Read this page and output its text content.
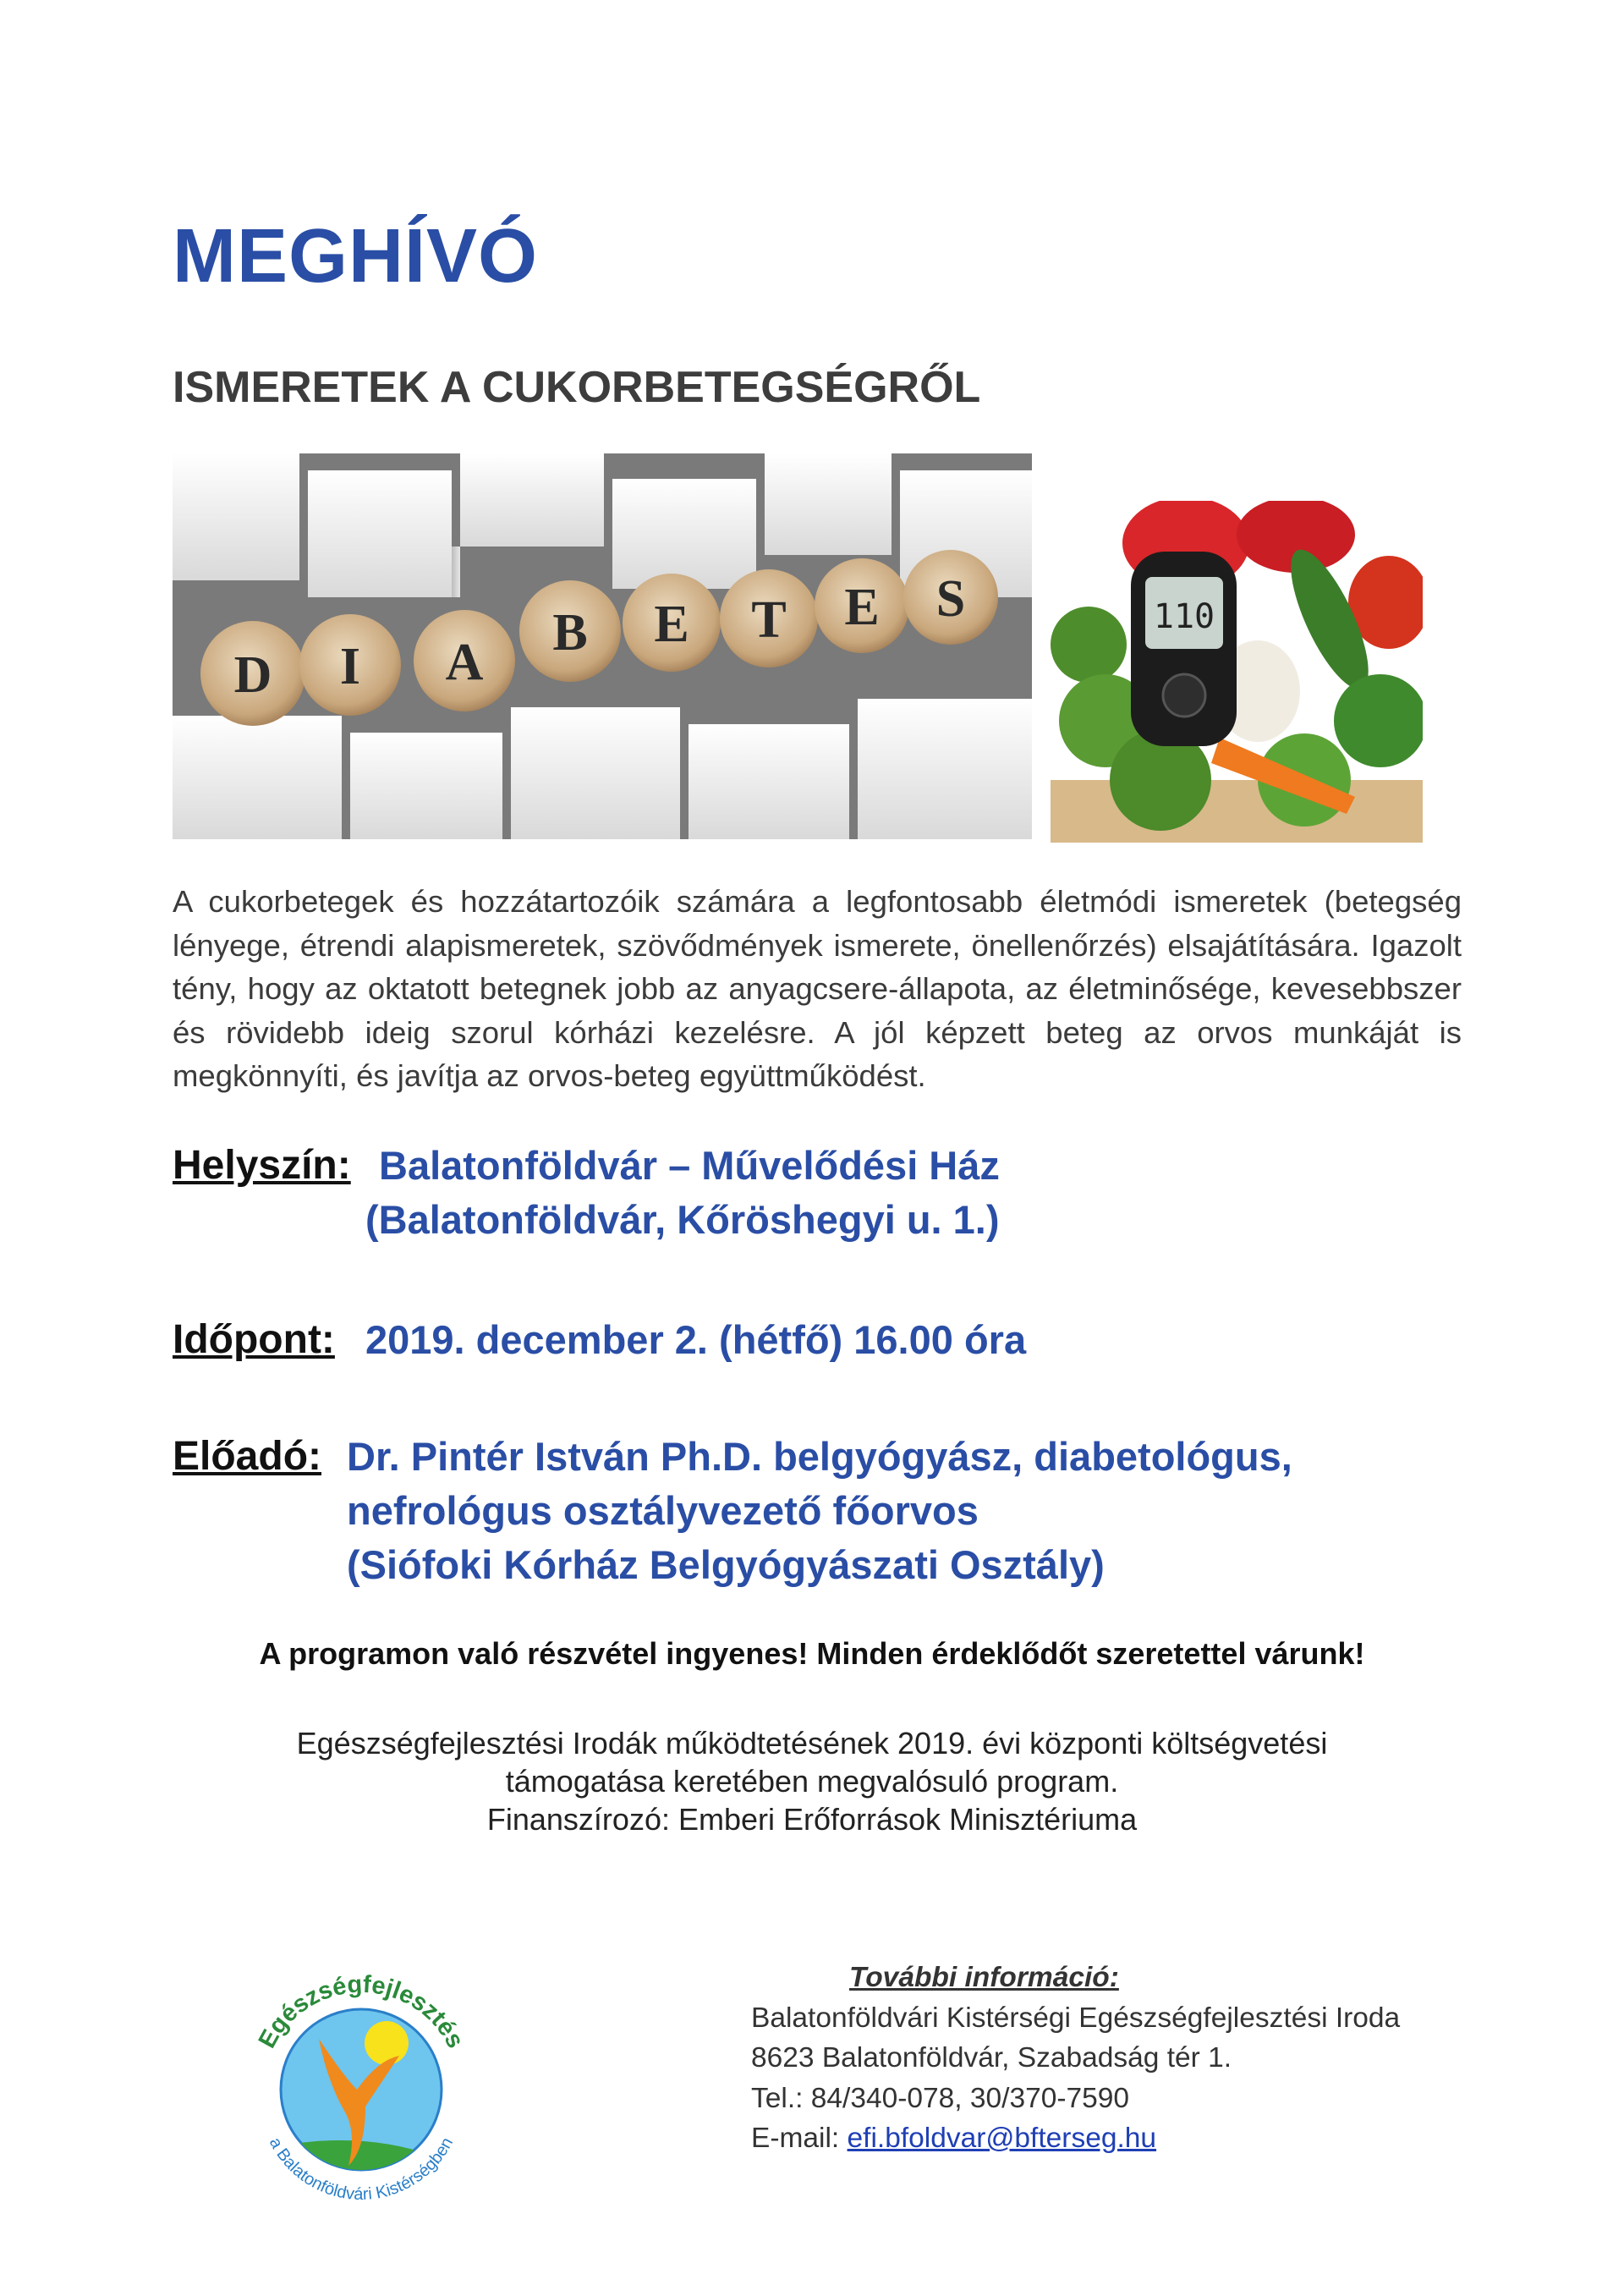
MEGHÍVÓ
ISMERETEK A CUKORBETEGSÉGRŐL
D I A
B E T E S	110

A cukorbetegek és hozzátartozóik számára a legfontosabb életmódi ismeretek (betegség lényege, étrendi alapismeretek, szövődmények ismerete, önellenőrzés) elsajátítására. Igazolt tény, hogy az oktatott betegnek jobb az anyagcsere-állapota, az életminősége, kevesebbszer és rövidebb ideig szorul kórházi kezelésre. A jól képzett beteg az orvos munkáját is megkönnyíti, és javítja az orvos-beteg együttműködést.

Helyszín: Balatonföldvár – Művelődési Ház
(Balatonföldvár, Kőröshegyi u. 1.)
Időpont: 2019. december 2. (hétfő) 16.00 óra
Előadó: Dr. Pintér István Ph.D. belgyógyász, diabetológus,
nefrológus osztályvezető főorvos
(Siófoki Kórház Belgyógyászati Osztály)

A programon való részvétel ingyenes! Minden érdeklődőt szeretettel várunk!

Egészségfejlesztési Irodák működtetésének 2019. évi központi költségvetési
támogatása keretében megvalósuló program.
Finanszírozó: Emberi Erőforrások Minisztériuma
Egészségfejlesztés
a Balatonföldvári Kistérségben
További információ:
Balatonföldvári Kistérségi Egészségfejlesztési Iroda
8623 Balatonföldvár, Szabadság tér 1.
Tel.: 84/340-078, 30/370-7590
E-mail: efi.bfoldvar@bfterseg.hu
